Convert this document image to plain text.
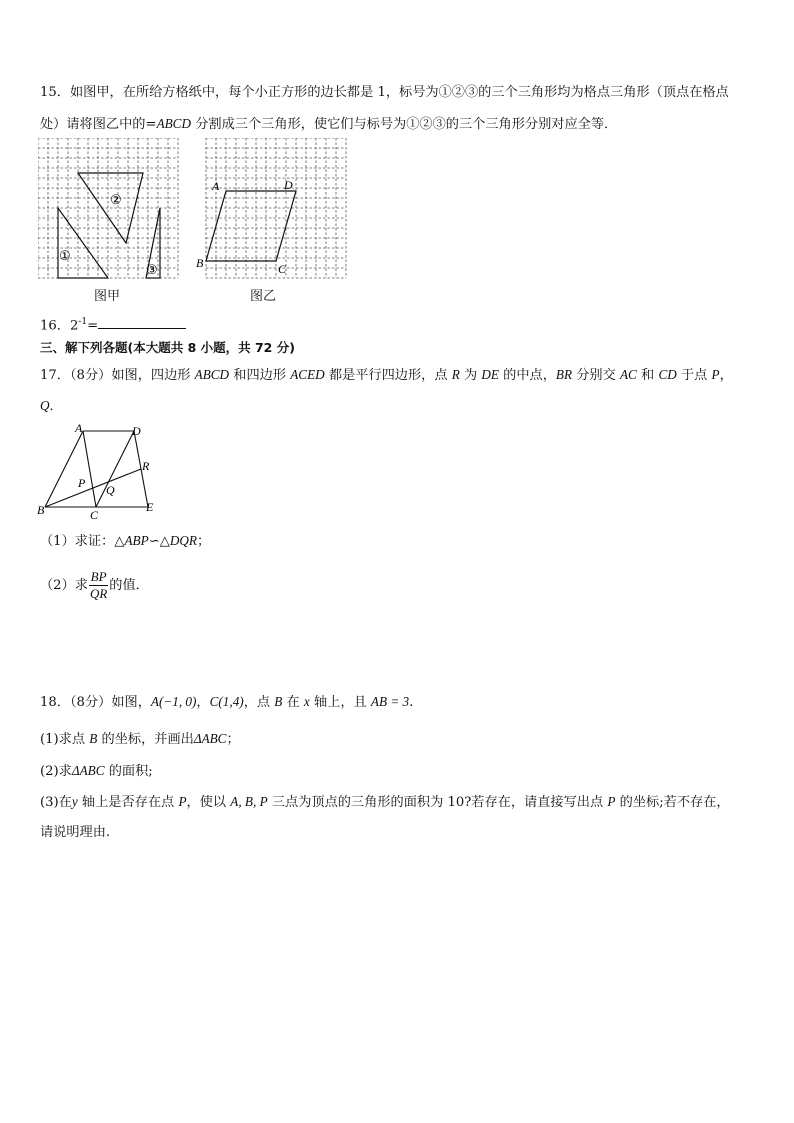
15．如图甲，在所给方格纸中，每个小正方形的边长都是 1，标号为①②③的三个三角形均为格点三角形（顶点在格点
处）请将图乙中的=ABCD 分割成三个三角形，使它们与标号为①②③的三个三角形分别对应全等．
①
②
③
图甲
A	D
B	C
图乙
16．$2^{-1}=$
三、解下列各题(本大题共 8 小题，共 72 分)
17．（8分）如图，四边形 ABCD 和四边形 ACED 都是平行四边形，点 R 为 DE 的中点，BR 分别交 AC 和 CD 于点 P，
Q．
A	D
R
P Q
B	C
E
（1）求证：△ABP∽△DQR；
（2）求 $\frac{BP}{QR}$ 的值．
18．（8分）如图，A(−1, 0)，C(1,4)，点 B 在 x 轴上，且 AB = 3.
(1)求点 B 的坐标，并画出ΔABC；
(2)求ΔABC 的面积;
(3)在y 轴上是否存在点 P，使以 A, B, P 三点为顶点的三角形的面积为 10?若存在，请直接写出点 P 的坐标;若不存在，
请说明理由.
